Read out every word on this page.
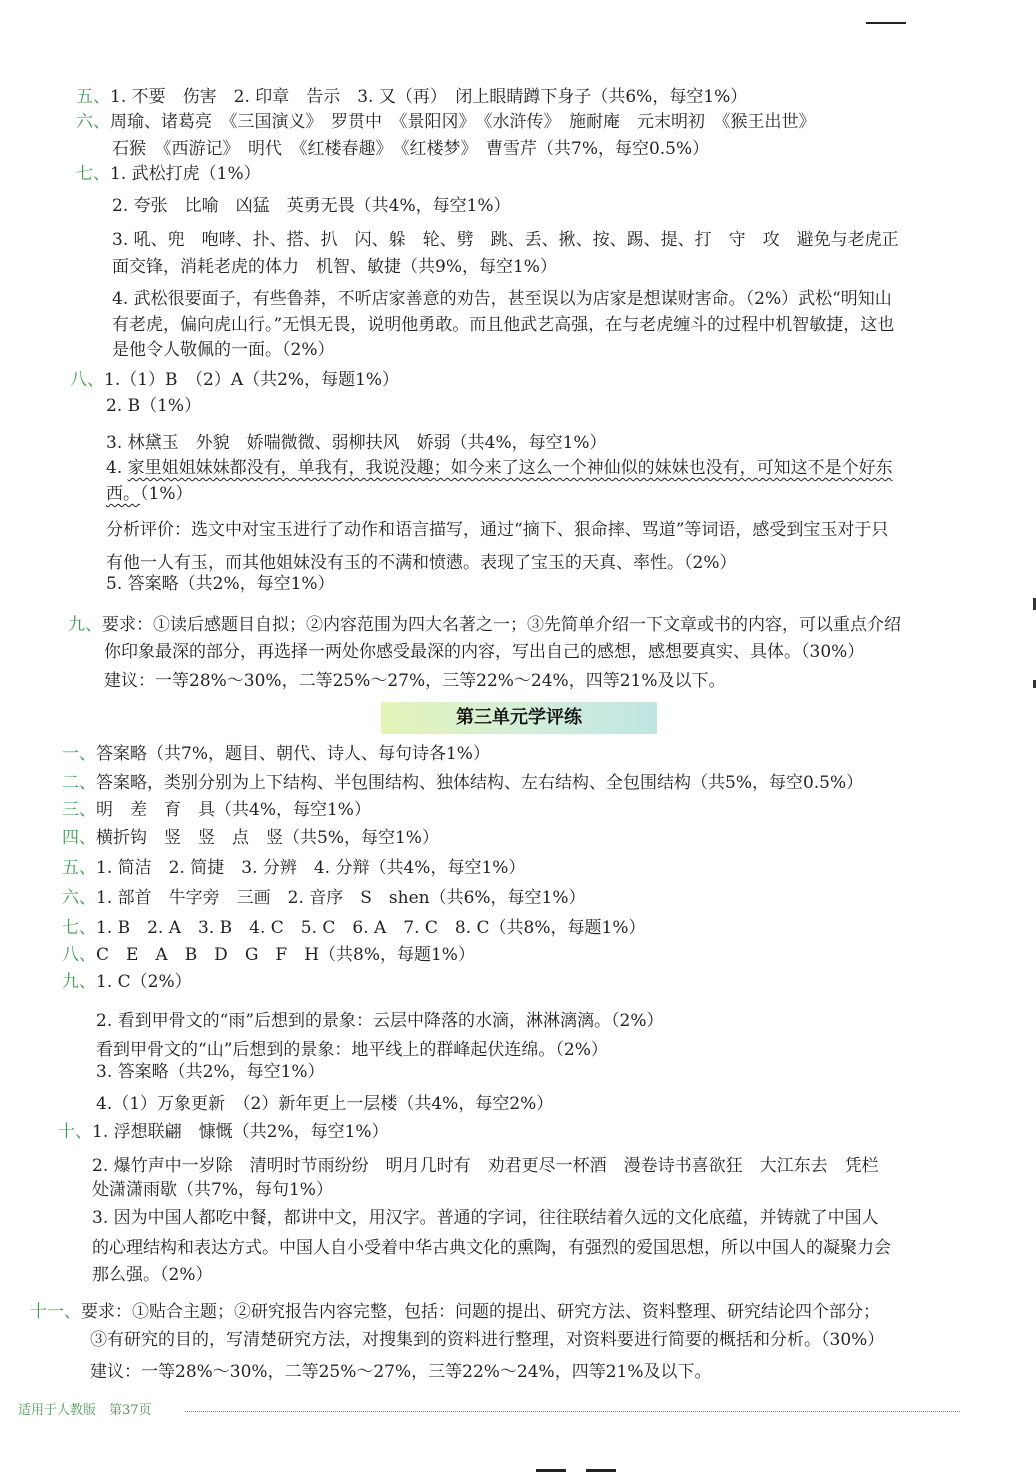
五、1. 不要　伤害　2. 印章　告示　3. 又（再）　闭上眼睛蹲下身子（共6%，每空1%）
六、周瑜、诸葛亮　《三国演义》　罗贯中　《景阳冈》　《水浒传》　施耐庵　元末明初　《猴王出世》
石猴　《西游记》　明代　《红楼春趣》　《红楼梦》　曹雪芹（共7%，每空0.5%）
七、1. 武松打虎（1%）
2. 夸张　比喻　凶猛　英勇无畏（共4%，每空1%）
3. 吼、兜　咆哮、扑、搭、扒　闪、躲　轮、劈　跳、丢、揪、按、踢、提、打　守　攻　避免与老虎正
面交锋，消耗老虎的体力　机智、敏捷（共9%，每空1%）
4. 武松很要面子，有些鲁莽，不听店家善意的劝告，甚至误以为店家是想谋财害命。（2%）武松“明知山
有老虎，偏向虎山行。”无惧无畏，说明他勇敢。而且他武艺高强，在与老虎缠斗的过程中机智敏捷，这也
是他令人敬佩的一面。（2%）
八、1.（1）B　（2）A（共2%，每题1%）
2. B（1%）
3. 林黛玉　外貌　娇喘微微、弱柳扶风　娇弱（共4%，每空1%）
4. 家里姐姐妹妹都没有，单我有，我说没趣；如今来了这么一个神仙似的妹妹也没有，可知这不是个好东
西。（1%）
分析评价：选文中对宝玉进行了动作和语言描写，通过“摘下、狠命摔、骂道”等词语，感受到宝玉对于只
有他一人有玉，而其他姐妹没有玉的不满和愤懑。表现了宝玉的天真、率性。（2%）
5. 答案略（共2%，每空1%）
九、要求：①读后感题目自拟；②内容范围为四大名著之一；③先简单介绍一下文章或书的内容，可以重点介绍
你印象最深的部分，再选择一两处你感受最深的内容，写出自己的感想，感想要真实、具体。（30%）
建议：一等28%～30%，二等25%～27%，三等22%～24%，四等21%及以下。
第三单元学评练
一、答案略（共7%，题目、朝代、诗人、每句诗各1%）
二、答案略，类别分别为上下结构、半包围结构、独体结构、左右结构、全包围结构（共5%，每空0.5%）
三、明　差　育　具（共4%，每空1%）
四、横折钩　竖　竖　点　竖（共5%，每空1%）
五、1. 简洁　2. 简捷　3. 分辨　4. 分辩（共4%，每空1%）
六、1. 部首　牛字旁　三画　2. 音序　S　shen（共6%，每空1%）
七、1. B　2. A　3. B　4. C　5. C　6. A　7. C　8. C（共8%，每题1%）
八、C　E　A　B　D　G　F　H（共8%，每题1%）
九、1. C（2%）
2. 看到甲骨文的“雨”后想到的景象：云层中降落的水滴，淋淋漓漓。（2%）
看到甲骨文的“山”后想到的景象：地平线上的群峰起伏连绵。（2%）
3. 答案略（共2%，每空1%）
4.（1）万象更新　（2）新年更上一层楼（共4%，每空2%）
十、1. 浮想联翩　慷慨（共2%，每空1%）
2. 爆竹声中一岁除　清明时节雨纷纷　明月几时有　劝君更尽一杯酒　漫卷诗书喜欲狂　大江东去　凭栏
处潇潇雨歇（共7%，每句1%）
3. 因为中国人都吃中餐，都讲中文，用汉字。普通的字词，往往联结着久远的文化底蕴，并铸就了中国人
的心理结构和表达方式。中国人自小受着中华古典文化的熏陶，有强烈的爱国思想，所以中国人的凝聚力会
那么强。（2%）
十一、要求：①贴合主题；②研究报告内容完整，包括：问题的提出、研究方法、资料整理、研究结论四个部分；
③有研究的目的，写清楚研究方法，对搜集到的资料进行整理，对资料要进行简要的概括和分析。（30%）
建议：一等28%～30%，二等25%～27%，三等22%～24%，四等21%及以下。
适用于人教版　第37页
